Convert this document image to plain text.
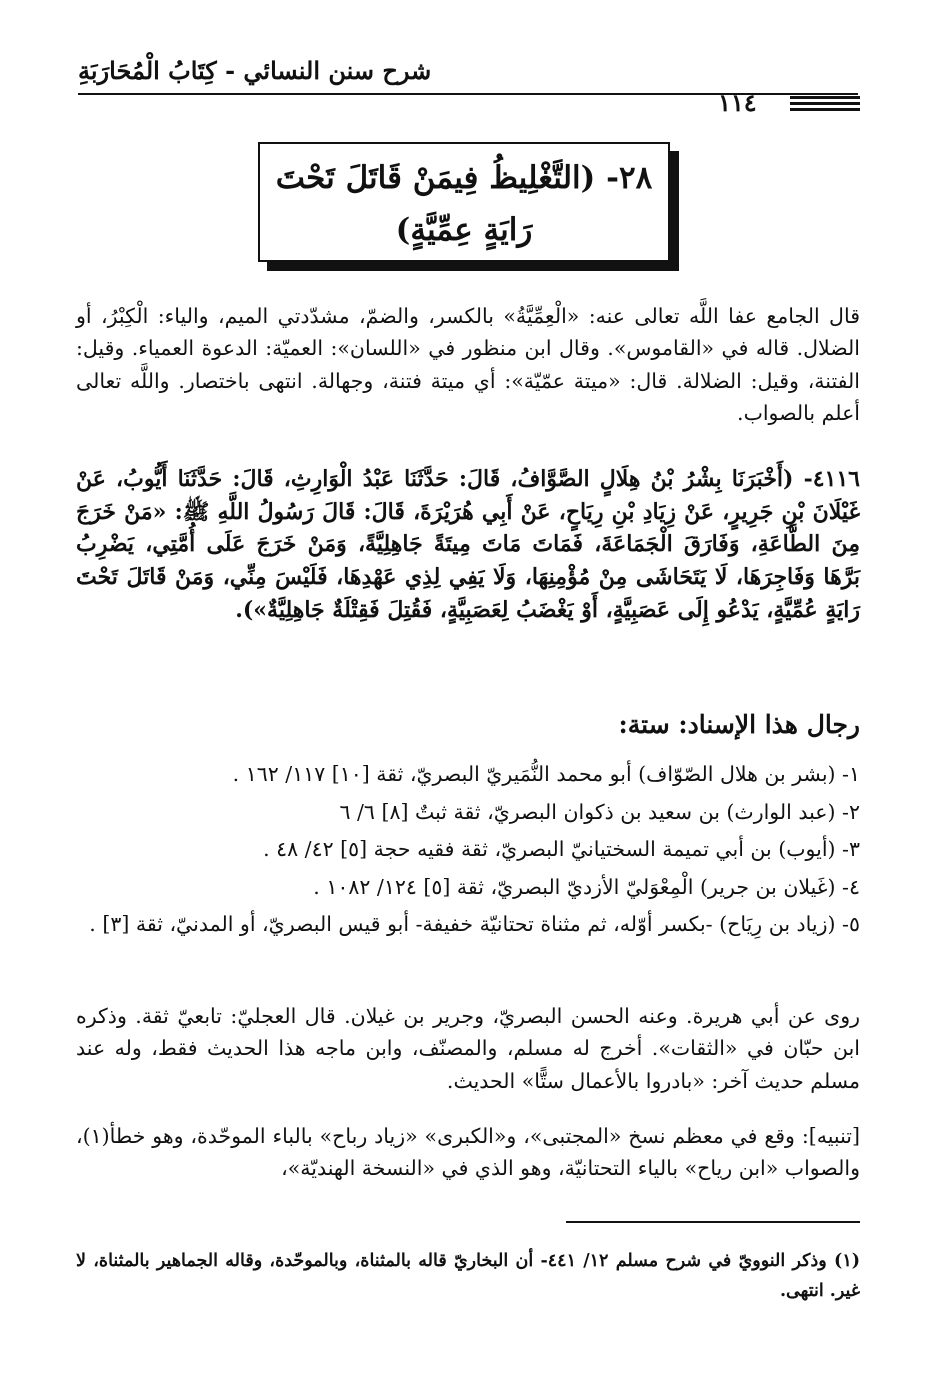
شرح سنن النسائي - كِتَابُ الْمُحَارَبَةِ
١١٤
٢٨- (التَّغْلِيظُ فِيمَنْ قَاتَلَ تَحْتَ رَايَةٍ عِمِّيَّةٍ)

قال الجامع عفا اللَّه تعالى عنه: «الْعِمِّيَّةُ» بالكسر، والضمّ، مشدّدتي الميم، والياء: الْكِبْرُ، أو الضلال. قاله في «القاموس». وقال ابن منظور في «اللسان»: العميّة: الدعوة العمياء. وقيل: الفتنة، وقيل: الضلالة. قال: «ميتة عمّيّة»: أي ميتة فتنة، وجهالة. انتهى باختصار. واللَّه تعالى أعلم بالصواب.

٤١١٦- (أَخْبَرَنَا بِشْرُ بْنُ هِلَالٍ الصَّوَّافُ، قَالَ: حَدَّثَنَا عَبْدُ الْوَارِثِ، قَالَ: حَدَّثَنَا أَيُّوبُ، عَنْ غَيْلَانَ بْنِ جَرِيرٍ، عَنْ زِيَادِ بْنِ رِيَاحٍ، عَنْ أَبِي هُرَيْرَةَ، قَالَ: قَالَ رَسُولُ اللَّهِ ﷺ: «مَنْ خَرَجَ مِنَ الطَّاعَةِ، وَفَارَقَ الْجَمَاعَةَ، فَمَاتَ مَاتَ مِيتَةً جَاهِلِيَّةً، وَمَنْ خَرَجَ عَلَى أُمَّتِي، يَضْرِبُ بَرَّهَا وَفَاجِرَهَا، لَا يَتَحَاشَى مِنْ مُؤْمِنِهَا، وَلَا يَفِي لِذِي عَهْدِهَا، فَلَيْسَ مِنِّي، وَمَنْ قَاتَلَ تَحْتَ رَايَةٍ عُمِّيَّةٍ، يَدْعُو إِلَى عَصَبِيَّةٍ، أَوْ يَغْضَبُ لِعَصَبِيَّةٍ، فَقُتِلَ فَقِتْلَةٌ جَاهِلِيَّةٌ»).

رجال هذا الإسناد: ستة:
١- (بشر بن هلال الصّوّاف) أبو محمد النُّمَيريّ البصريّ، ثقة [١٠] ١١٧/ ١٦٢ .
٢- (عبد الوارث) بن سعيد بن ذكوان البصريّ، ثقة ثبتٌ [٨] ٦/ ٦
٣- (أيوب) بن أبي تميمة السختيانيّ البصريّ، ثقة فقيه حجة [٥] ٤٢/ ٤٨ .
٤- (غَيلان بن جرير) الْمِعْوَليّ الأزديّ البصريّ، ثقة [٥] ١٢٤/ ١٠٨٢ .
٥- (زياد بن رِيَاح) -بكسر أوّله، ثم مثناة تحتانيّة خفيفة- أبو قيس البصريّ، أو المدنيّ، ثقة [٣] .

روى عن أبي هريرة. وعنه الحسن البصريّ، وجرير بن غيلان. قال العجليّ: تابعيّ ثقة. وذكره ابن حبّان في «الثقات». أخرج له مسلم، والمصنّف، وابن ماجه هذا الحديث فقط، وله عند مسلم حديث آخر: «بادروا بالأعمال ستًّا» الحديث.

[تنبيه]: وقع في معظم نسخ «المجتبى»، و«الكبرى» «زياد رباح» بالباء الموحّدة، وهو خطأ(١)، والصواب «ابن رياح» بالياء التحتانيّة، وهو الذي في «النسخة الهنديّة»،

(١) وذكر النوويّ في شرح مسلم ١٢/ ٤٤١- أن البخاريّ قاله بالمثناة، وبالموحّدة، وقاله الجماهير بالمثناة، لا غير. انتهى.
